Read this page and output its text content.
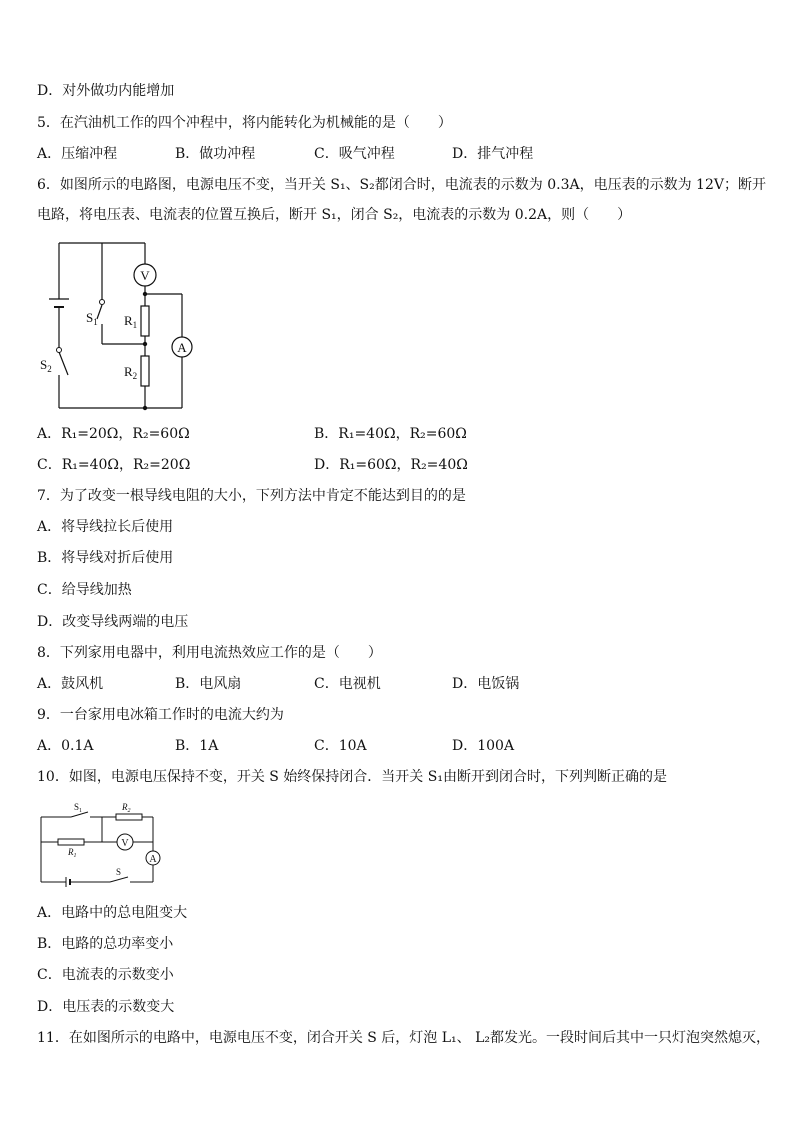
D．对外做功内能增加
5．在汽油机工作的四个冲程中，将内能转化为机械能的是（　　）
A．压缩冲程	B．做功冲程	C．吸气冲程	D．排气冲程
6．如图所示的电路图，电源电压不变，当开关 S₁、S₂都闭合时，电流表的示数为 0.3A，电压表的示数为 12V；断开
电路，将电压表、电流表的位置互换后，断开 S₁，闭合 S₂，电流表的示数为 0.2A，则（　　）
V
A
$S_1$
$S_2$
$R_1$
$R_2$
A．R₁=20Ω，R₂=60Ω	B．R₁=40Ω，R₂=60Ω
C．R₁=40Ω，R₂=20Ω	D．R₁=60Ω，R₂=40Ω
7．为了改变一根导线电阻的大小，下列方法中肯定不能达到目的的是
A．将导线拉长后使用
B．将导线对折后使用
C．给导线加热
D．改变导线两端的电压
8．下列家用电器中，利用电流热效应工作的是（　　）
A．鼓风机	B．电风扇	C．电视机	D．电饭锅
9．一台家用电冰箱工作时的电流大约为
A．0.1A	B．1A	C．10A	D．100A
10．如图，电源电压保持不变，开关 S 始终保持闭合．当开关 S₁由断开到闭合时，下列判断正确的是
V
A
$S_1$	$R_2$
$R_1$
S
A．电路中的总电阻变大
B．电路的总功率变小
C．电流表的示数变小
D．电压表的示数变大
11．在如图所示的电路中，电源电压不变，闭合开关 S 后，灯泡 L₁、 L₂都发光。一段时间后其中一只灯泡突然熄灭，
